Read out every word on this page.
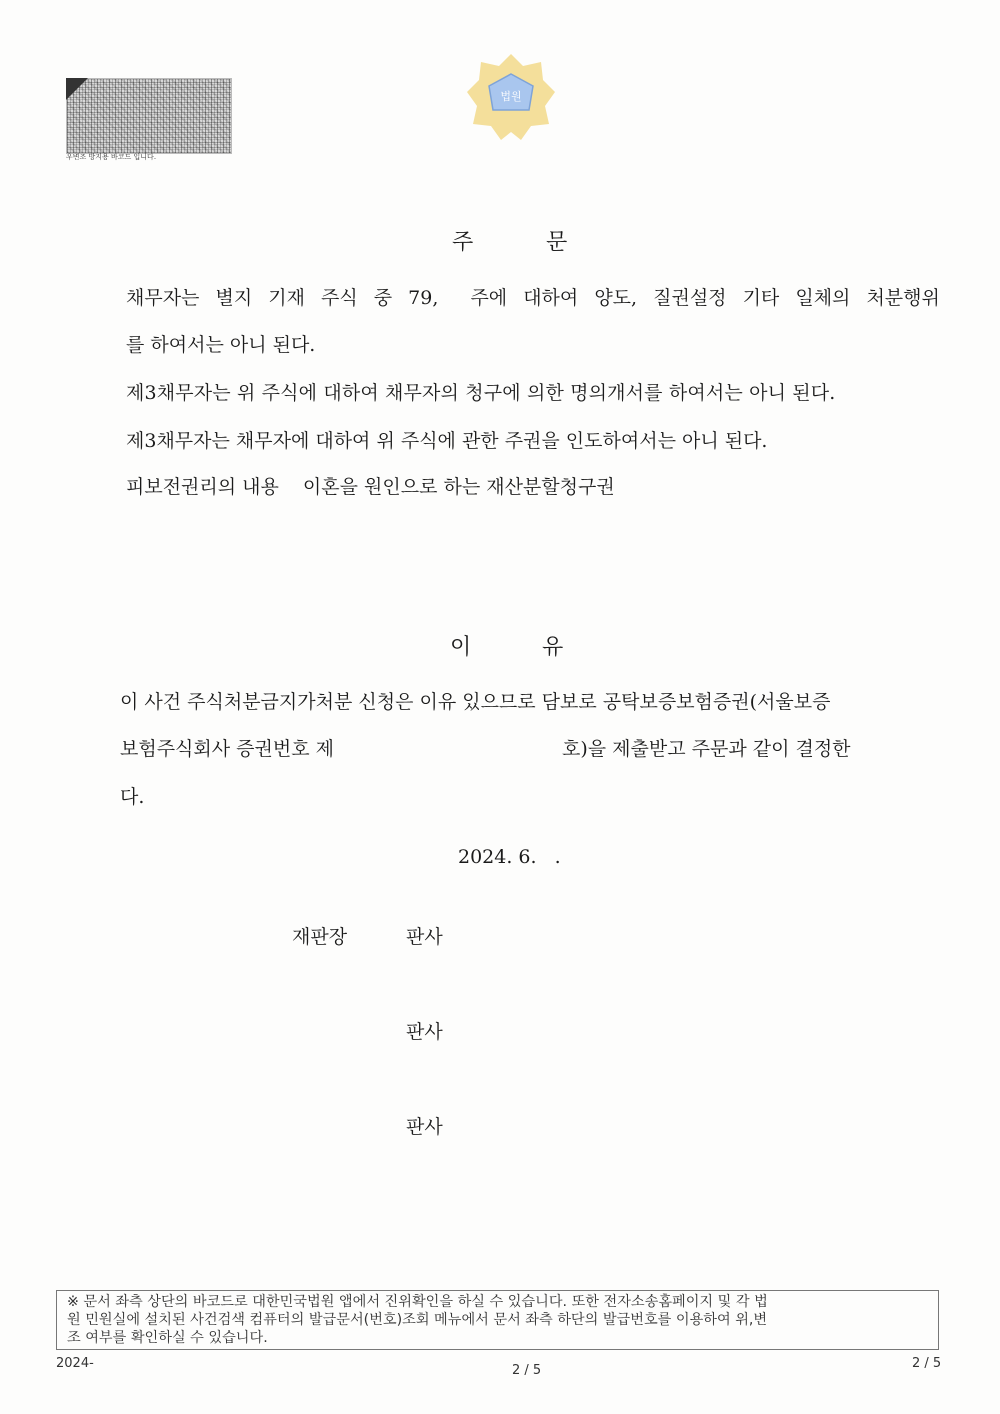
우변조 방지용 바코드 입니다.
법원
주	문
채무자는 별지 기재 주식 중 79, 주에 대하여 양도, 질권설정 기타 일체의 처분행위
를 하여서는 아니 된다.
제3채무자는 위 주식에 대하여 채무자의 청구에 의한 명의개서를 하여서는 아니 된다.
제3채무자는 채무자에 대하여 위 주식에 관한 주권을 인도하여서는 아니 된다.
피보전권리의 내용 이혼을 원인으로 하는 재산분할청구권
이	유
이 사건 주식처분금지가처분 신청은 이유 있으므로 담보로 공탁보증보험증권(서울보증
보험주식회사 증권번호 제	호)을 제출받고 주문과 같이 결정한
다.
2024. 6.   .
재판장	판사
판사
판사
※ 문서 좌측 상단의 바코드로 대한민국법원 앱에서 진위확인을 하실 수 있습니다. 또한 전자소송홈페이지 및 각 법
원 민원실에 설치된 사건검색 컴퓨터의 발급문서(번호)조회 메뉴에서 문서 좌측 하단의 발급번호를 이용하여 위,변
조 여부를 확인하실 수 있습니다.
2024-	2 / 5	2 / 5
